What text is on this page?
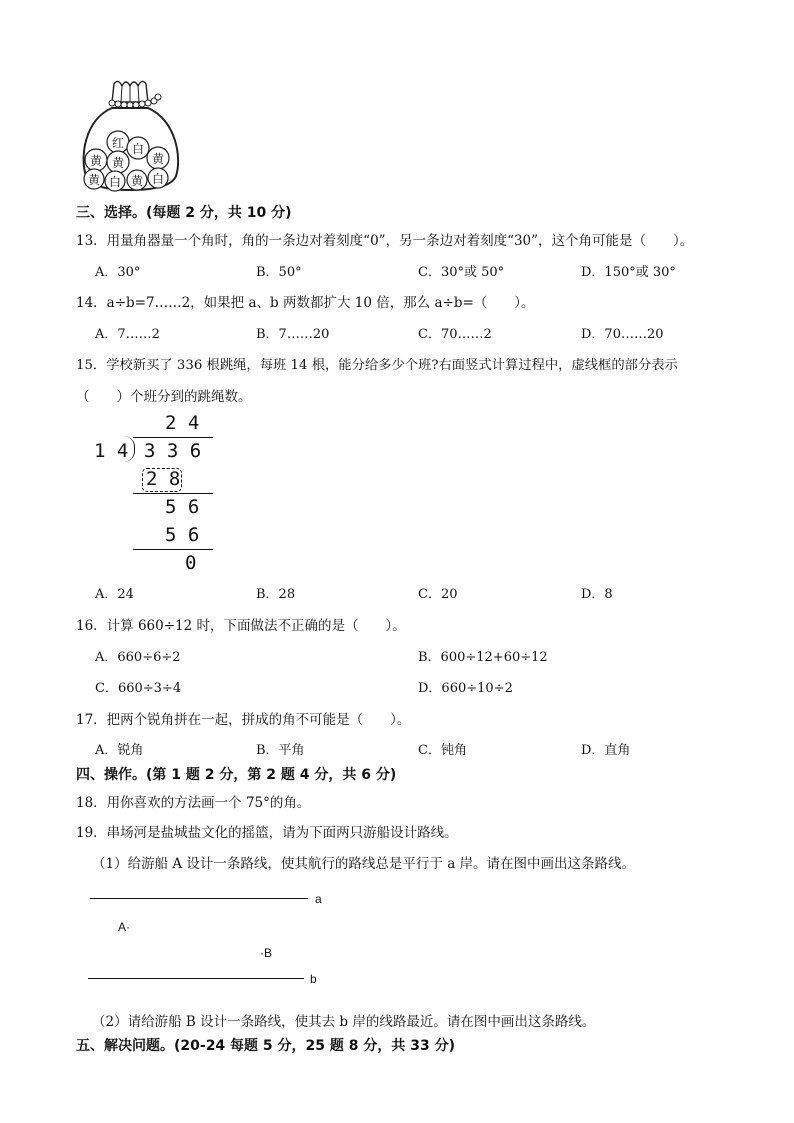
红 白
黄 黄 黄
黄 白 黄 白
三、选择。(每题 2 分，共 10 分)
13．用量角器量一个角时，角的一条边对着刻度“0”，另一条边对着刻度“30”，这个角可能是（　　）。
A．30°	B．50°	C．30°或 50°	D．150°或 30°
14．a÷b=7……2，如果把 a、b 两数都扩大 10 倍，那么 a÷b=（　　）。
A．7……2	B．7……20	C．70……2	D．70……20
15．学校新买了 336 根跳绳，每班 14 根，能分给多少个班?右面竖式计算过程中，虚线框的部分表示
（　　）个班分到的跳绳数。
2 4
1 4 3 3 6
2 8
5 6
5 6
0
A．24	B．28	C．20	D．8
16．计算 660÷12 时，下面做法不正确的是（　　）。
A．660÷6÷2	B．600÷12+60÷12
C．660÷3÷4	D．660÷10÷2
17．把两个锐角拼在一起，拼成的角不可能是（　　）。
A．锐角	B．平角	C．钝角	D．直角
四、操作。(第 1 题 2 分，第 2 题 4 分，共 6 分)
18．用你喜欢的方法画一个 75°的角。
19．串场河是盐城盐文化的摇篮，请为下面两只游船设计路线。
（1）给游船 A 设计一条路线，使其航行的路线总是平行于 a 岸。请在图中画出这条路线。
a
A·
·B
b
（2）请给游船 B 设计一条路线，使其去 b 岸的线路最近。请在图中画出这条路线。
五、解决问题。(20-24 每题 5 分，25 题 8 分，共 33 分)
